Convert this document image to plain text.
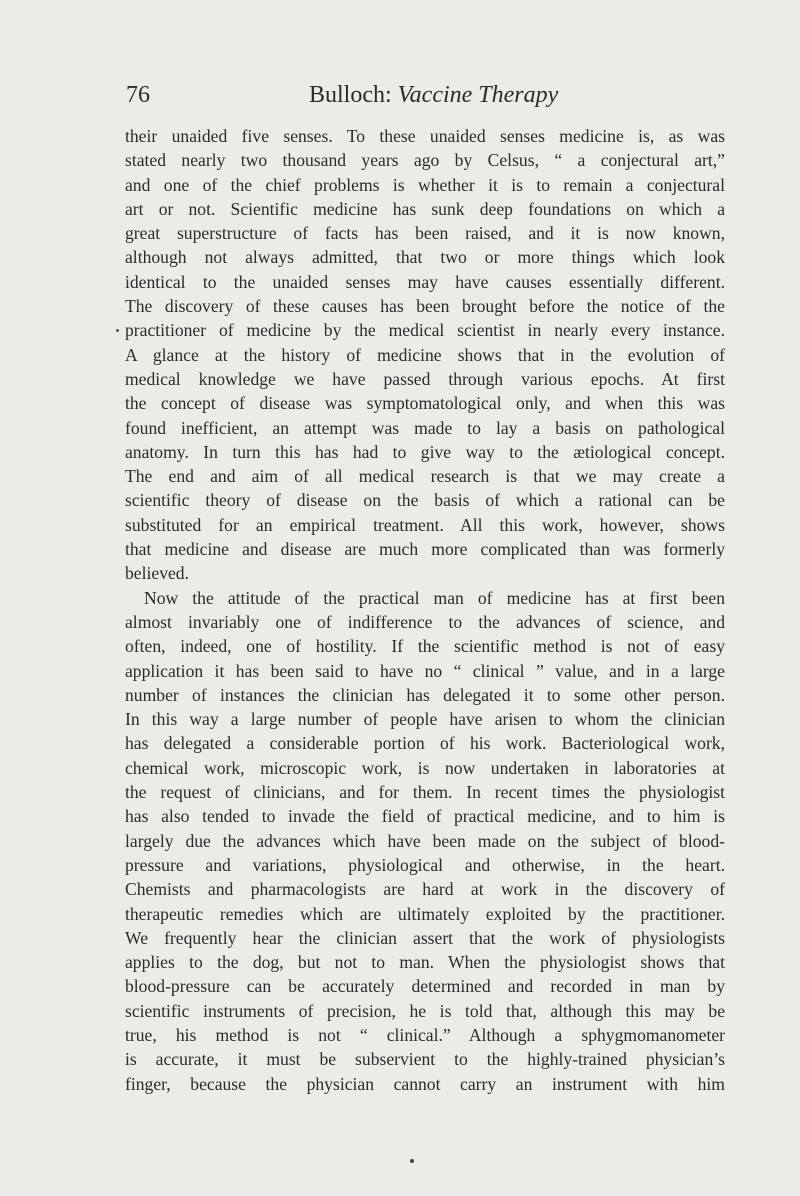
76	Bulloch: Vaccine Therapy
their unaided five senses. To these unaided senses medicine is, as was
stated nearly two thousand years ago by Celsus, “ a conjectural art,”
and one of the chief problems is whether it is to remain a conjectural
art or not. Scientific medicine has sunk deep foundations on which a
great superstructure of facts has been raised, and it is now known,
although not always admitted, that two or more things which look
identical to the unaided senses may have causes essentially different.
The discovery of these causes has been brought before the notice of the
practitioner of medicine by the medical scientist in nearly every instance.
A glance at the history of medicine shows that in the evolution of
medical knowledge we have passed through various epochs. At first
the concept of disease was symptomatological only, and when this was
found inefficient, an attempt was made to lay a basis on pathological
anatomy. In turn this has had to give way to the ætiological concept.
The end and aim of all medical research is that we may create a
scientific theory of disease on the basis of which a rational can be
substituted for an empirical treatment. All this work, however, shows
that medicine and disease are much more complicated than was formerly
believed.
Now the attitude of the practical man of medicine has at first been
almost invariably one of indifference to the advances of science, and
often, indeed, one of hostility. If the scientific method is not of easy
application it has been said to have no “ clinical ” value, and in a large
number of instances the clinician has delegated it to some other person.
In this way a large number of people have arisen to whom the clinician
has delegated a considerable portion of his work. Bacteriological work,
chemical work, microscopic work, is now undertaken in laboratories at
the request of clinicians, and for them. In recent times the physiologist
has also tended to invade the field of practical medicine, and to him is
largely due the advances which have been made on the subject of blood-
pressure and variations, physiological and otherwise, in the heart.
Chemists and pharmacologists are hard at work in the discovery of
therapeutic remedies which are ultimately exploited by the practitioner.
We frequently hear the clinician assert that the work of physiologists
applies to the dog, but not to man. When the physiologist shows that
blood-pressure can be accurately determined and recorded in man by
scientific instruments of precision, he is told that, although this may be
true, his method is not “ clinical.” Although a sphygmomanometer
is accurate, it must be subservient to the highly-trained physician’s
finger, because the physician cannot carry an instrument with him
